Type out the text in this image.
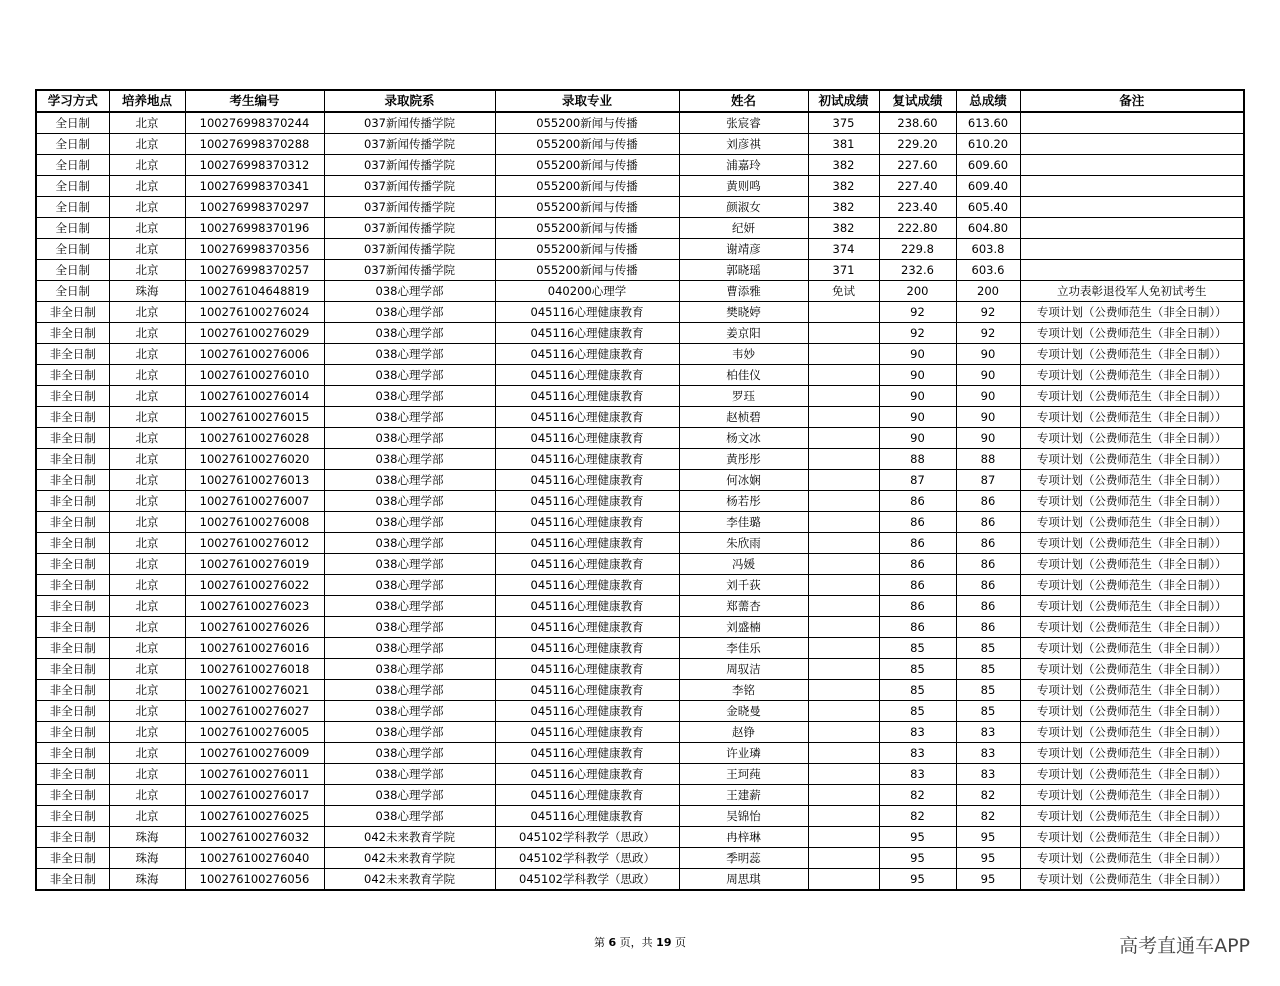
学习方式	培养地点	考生编号	录取院系	录取专业	姓名	初试成绩	复试成绩	总成绩	备注
全日制	北京	100276998370244	037新闻传播学院	055200新闻与传播	张宸睿	375	238.60	613.60	
全日制	北京	100276998370288	037新闻传播学院	055200新闻与传播	刘彦祺	381	229.20	610.20	
全日制	北京	100276998370312	037新闻传播学院	055200新闻与传播	浦嘉玲	382	227.60	609.60	
全日制	北京	100276998370341	037新闻传播学院	055200新闻与传播	黄则鸣	382	227.40	609.40	
全日制	北京	100276998370297	037新闻传播学院	055200新闻与传播	颜淑女	382	223.40	605.40	
全日制	北京	100276998370196	037新闻传播学院	055200新闻与传播	纪妍	382	222.80	604.80	
全日制	北京	100276998370356	037新闻传播学院	055200新闻与传播	谢靖彦	374	229.8	603.8	
全日制	北京	100276998370257	037新闻传播学院	055200新闻与传播	郭晓瑶	371	232.6	603.6	
全日制	珠海	100276104648819	038心理学部	040200心理学	曹添雅	免试	200	200	立功表彰退役军人免初试考生
非全日制	北京	100276100276024	038心理学部	045116心理健康教育	樊晓婷		92	92	专项计划（公费师范生（非全日制））
非全日制	北京	100276100276029	038心理学部	045116心理健康教育	姜京阳		92	92	专项计划（公费师范生（非全日制））
非全日制	北京	100276100276006	038心理学部	045116心理健康教育	韦妙		90	90	专项计划（公费师范生（非全日制））
非全日制	北京	100276100276010	038心理学部	045116心理健康教育	柏佳仪		90	90	专项计划（公费师范生（非全日制））
非全日制	北京	100276100276014	038心理学部	045116心理健康教育	罗珏		90	90	专项计划（公费师范生（非全日制））
非全日制	北京	100276100276015	038心理学部	045116心理健康教育	赵桢碧		90	90	专项计划（公费师范生（非全日制））
非全日制	北京	100276100276028	038心理学部	045116心理健康教育	杨文冰		90	90	专项计划（公费师范生（非全日制））
非全日制	北京	100276100276020	038心理学部	045116心理健康教育	黄彤彤		88	88	专项计划（公费师范生（非全日制））
非全日制	北京	100276100276013	038心理学部	045116心理健康教育	何冰娴		87	87	专项计划（公费师范生（非全日制））
非全日制	北京	100276100276007	038心理学部	045116心理健康教育	杨若彤		86	86	专项计划（公费师范生（非全日制））
非全日制	北京	100276100276008	038心理学部	045116心理健康教育	李佳璐		86	86	专项计划（公费师范生（非全日制））
非全日制	北京	100276100276012	038心理学部	045116心理健康教育	朱欣雨		86	86	专项计划（公费师范生（非全日制））
非全日制	北京	100276100276019	038心理学部	045116心理健康教育	冯媛		86	86	专项计划（公费师范生（非全日制））
非全日制	北京	100276100276022	038心理学部	045116心理健康教育	刘千荻		86	86	专项计划（公费师范生（非全日制））
非全日制	北京	100276100276023	038心理学部	045116心理健康教育	郑薷杏		86	86	专项计划（公费师范生（非全日制））
非全日制	北京	100276100276026	038心理学部	045116心理健康教育	刘盛楠		86	86	专项计划（公费师范生（非全日制））
非全日制	北京	100276100276016	038心理学部	045116心理健康教育	李佳乐		85	85	专项计划（公费师范生（非全日制））
非全日制	北京	100276100276018	038心理学部	045116心理健康教育	周驭洁		85	85	专项计划（公费师范生（非全日制））
非全日制	北京	100276100276021	038心理学部	045116心理健康教育	李铭		85	85	专项计划（公费师范生（非全日制））
非全日制	北京	100276100276027	038心理学部	045116心理健康教育	金晓曼		85	85	专项计划（公费师范生（非全日制））
非全日制	北京	100276100276005	038心理学部	045116心理健康教育	赵铮		83	83	专项计划（公费师范生（非全日制））
非全日制	北京	100276100276009	038心理学部	045116心理健康教育	许业璘		83	83	专项计划（公费师范生（非全日制））
非全日制	北京	100276100276011	038心理学部	045116心理健康教育	王珂莼		83	83	专项计划（公费师范生（非全日制））
非全日制	北京	100276100276017	038心理学部	045116心理健康教育	王建薪		82	82	专项计划（公费师范生（非全日制））
非全日制	北京	100276100276025	038心理学部	045116心理健康教育	吴锦怡		82	82	专项计划（公费师范生（非全日制））
非全日制	珠海	100276100276032	042未来教育学院	045102学科教学（思政）	冉梓琳		95	95	专项计划（公费师范生（非全日制））
非全日制	珠海	100276100276040	042未来教育学院	045102学科教学（思政）	季明蕊		95	95	专项计划（公费师范生（非全日制））
非全日制	珠海	100276100276056	042未来教育学院	045102学科教学（思政）	周思琪		95	95	专项计划（公费师范生（非全日制））
第 6 页，共 19 页	高考直通车APP
